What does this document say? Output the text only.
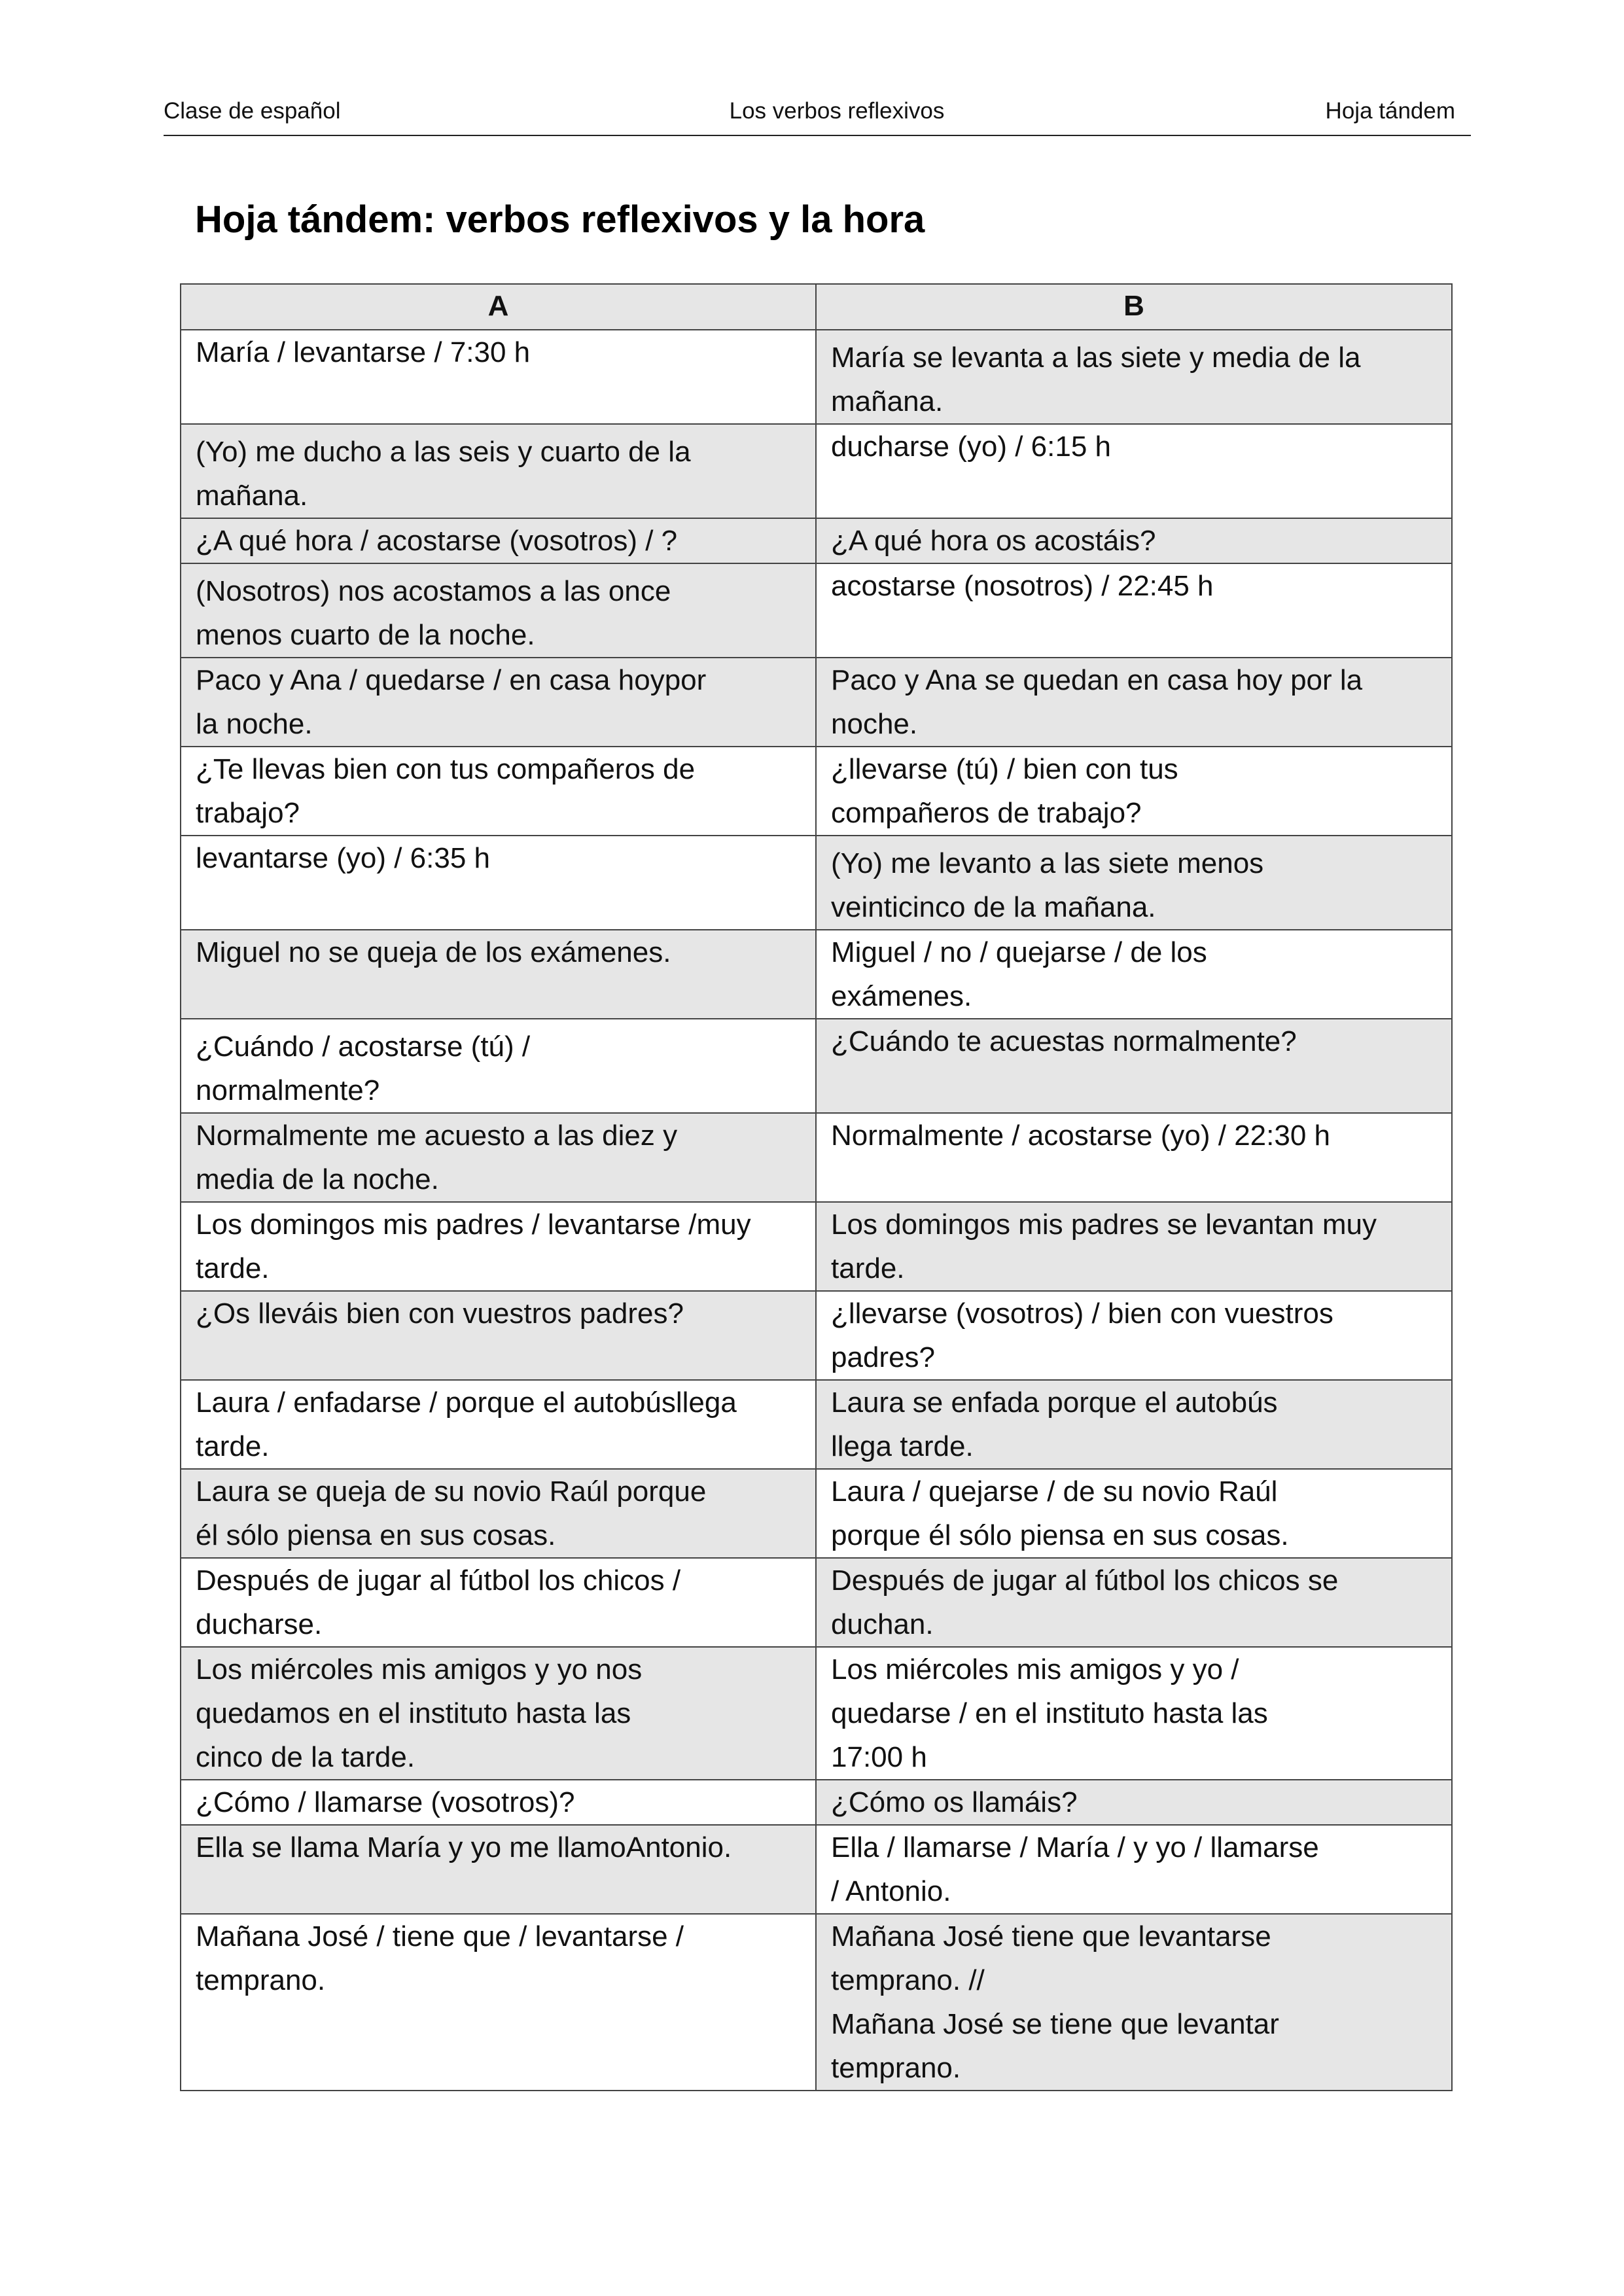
Clase de español	Los verbos reflexivos	Hoja tándem
Hoja tándem: verbos reflexivos y la hora
A	B

María / levantarse / 7:30 h	María se levanta a las siete y media de la
mañana.

(Yo) me ducho a las seis y cuarto de la
mañana.	ducharse (yo) / 6:15 h

¿A qué hora / acostarse (vosotros) / ?	¿A qué hora os acostáis?

(Nosotros) nos acostamos a las once
menos cuarto de la noche.	acostarse (nosotros) / 22:45 h

Paco y Ana / quedarse / en casa hoypor
la noche.	Paco y Ana se quedan en casa hoy por la
noche.

¿Te llevas bien con tus compañeros de
trabajo?	¿llevarse (tú) / bien con tus
compañeros de trabajo?

levantarse (yo) / 6:35 h	(Yo) me levanto a las siete menos
veinticinco de la mañana.

Miguel no se queja de los exámenes.	Miguel / no / quejarse / de los
exámenes.

¿Cuándo / acostarse (tú) /
normalmente?	¿Cuándo te acuestas normalmente?

Normalmente me acuesto a las diez y
media de la noche.	Normalmente / acostarse (yo) / 22:30 h

Los domingos mis padres / levantarse /muy
tarde.	Los domingos mis padres se levantan muy
tarde.

¿Os lleváis bien con vuestros padres?	¿llevarse (vosotros) / bien con vuestros
padres?

Laura / enfadarse / porque el autobúsllega
tarde.	Laura se enfada porque el autobús
llega tarde.

Laura se queja de su novio Raúl porque
él sólo piensa en sus cosas.	Laura / quejarse / de su novio Raúl
porque él sólo piensa en sus cosas.

Después de jugar al fútbol los chicos /
ducharse.	Después de jugar al fútbol los chicos se
duchan.

Los miércoles mis amigos y yo nos
quedamos en el instituto hasta las
cinco de la tarde.	Los miércoles mis amigos y yo /
quedarse / en el instituto hasta las
17:00 h

¿Cómo / llamarse (vosotros)?	¿Cómo os llamáis?

Ella se llama María y yo me llamoAntonio.	Ella / llamarse / María / y yo / llamarse
/ Antonio.

Mañana José / tiene que / levantarse /
temprano.	Mañana José tiene que levantarse
temprano. //
Mañana José se tiene que levantar
temprano.
